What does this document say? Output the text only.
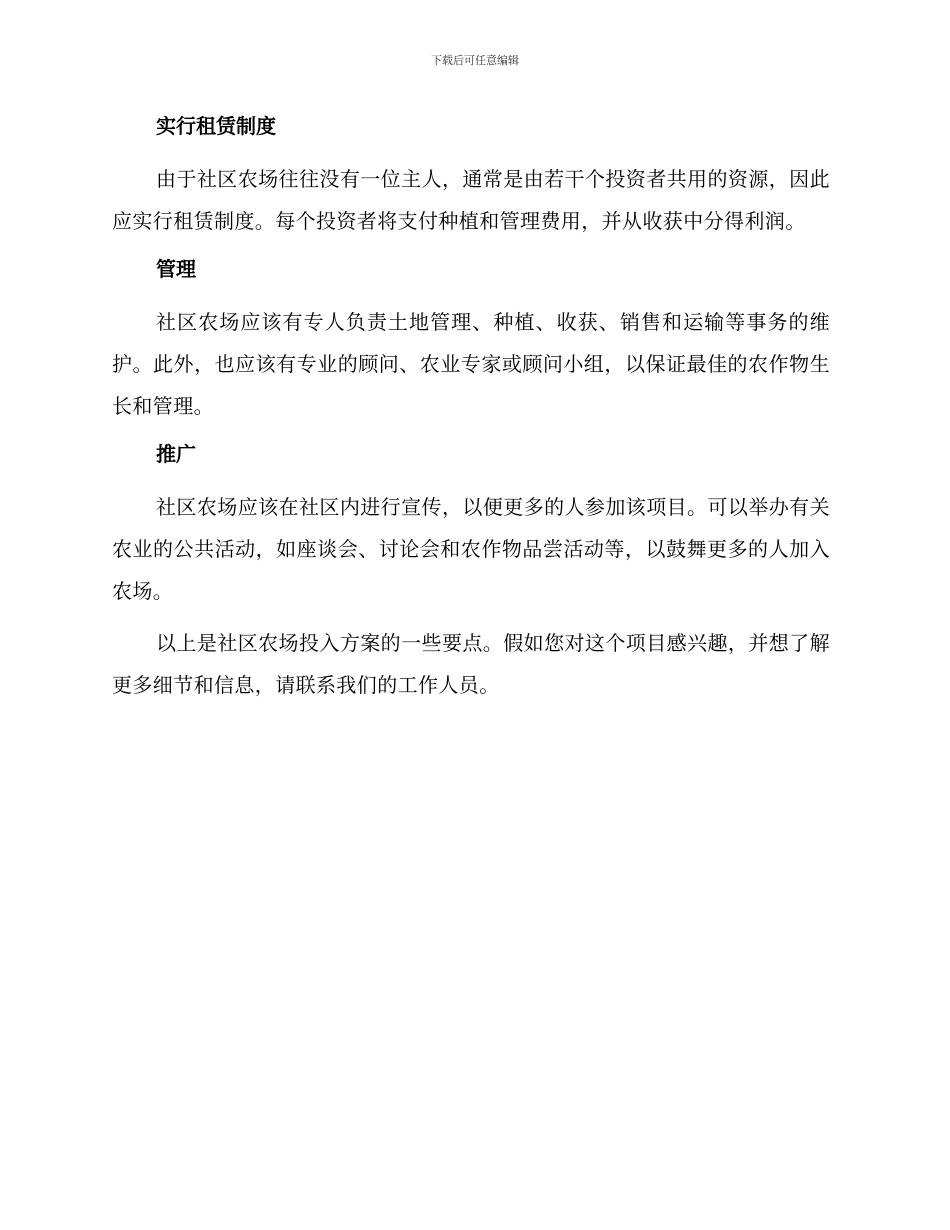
下载后可任意编辑
实行租赁制度

由于社区农场往往没有一位主人，通常是由若干个投资者共用的资源，因此应实行租赁制度。每个投资者将支付种植和管理费用，并从收获中分得利润。

管理

社区农场应该有专人负责土地管理、种植、收获、销售和运输等事务的维护。此外，也应该有专业的顾问、农业专家或顾问小组，以保证最佳的农作物生长和管理。

推广

社区农场应该在社区内进行宣传，以便更多的人参加该项目。可以举办有关农业的公共活动，如座谈会、讨论会和农作物品尝活动等，以鼓舞更多的人加入农场。

以上是社区农场投入方案的一些要点。假如您对这个项目感兴趣，并想了解更多细节和信息，请联系我们的工作人员。
